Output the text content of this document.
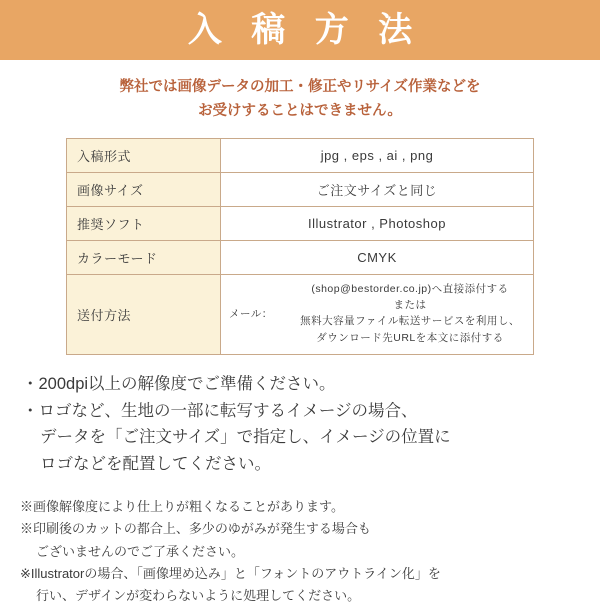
入 稿 方 法
弊社では画像データの加工・修正やリサイズ作業などを
お受けすることはできません。
入稿形式	jpg , eps , ai , png
画像サイズ	ご注文サイズと同じ
推奨ソフト	Illustrator , Photoshop
カラーモード	CMYK
送付方法	メール：
(shop@bestorder.co.jp)へ直接添付する
または
無料大容量ファイル転送サービスを利用し、
ダウンロード先URLを本文に添付する
・200dpi以上の解像度でご準備ください。
・ロゴなど、生地の一部に転写するイメージの場合、
データを「ご注文サイズ」で指定し、イメージの位置に
ロゴなどを配置してください。
※画像解像度により仕上りが粗くなることがあります。
※印刷後のカットの都合上、多少のゆがみが発生する場合も
ございませんのでご了承ください。
※Illustratorの場合、「画像埋め込み」と「フォントのアウトライン化」を
行い、デザインが変わらないように処理してください。
